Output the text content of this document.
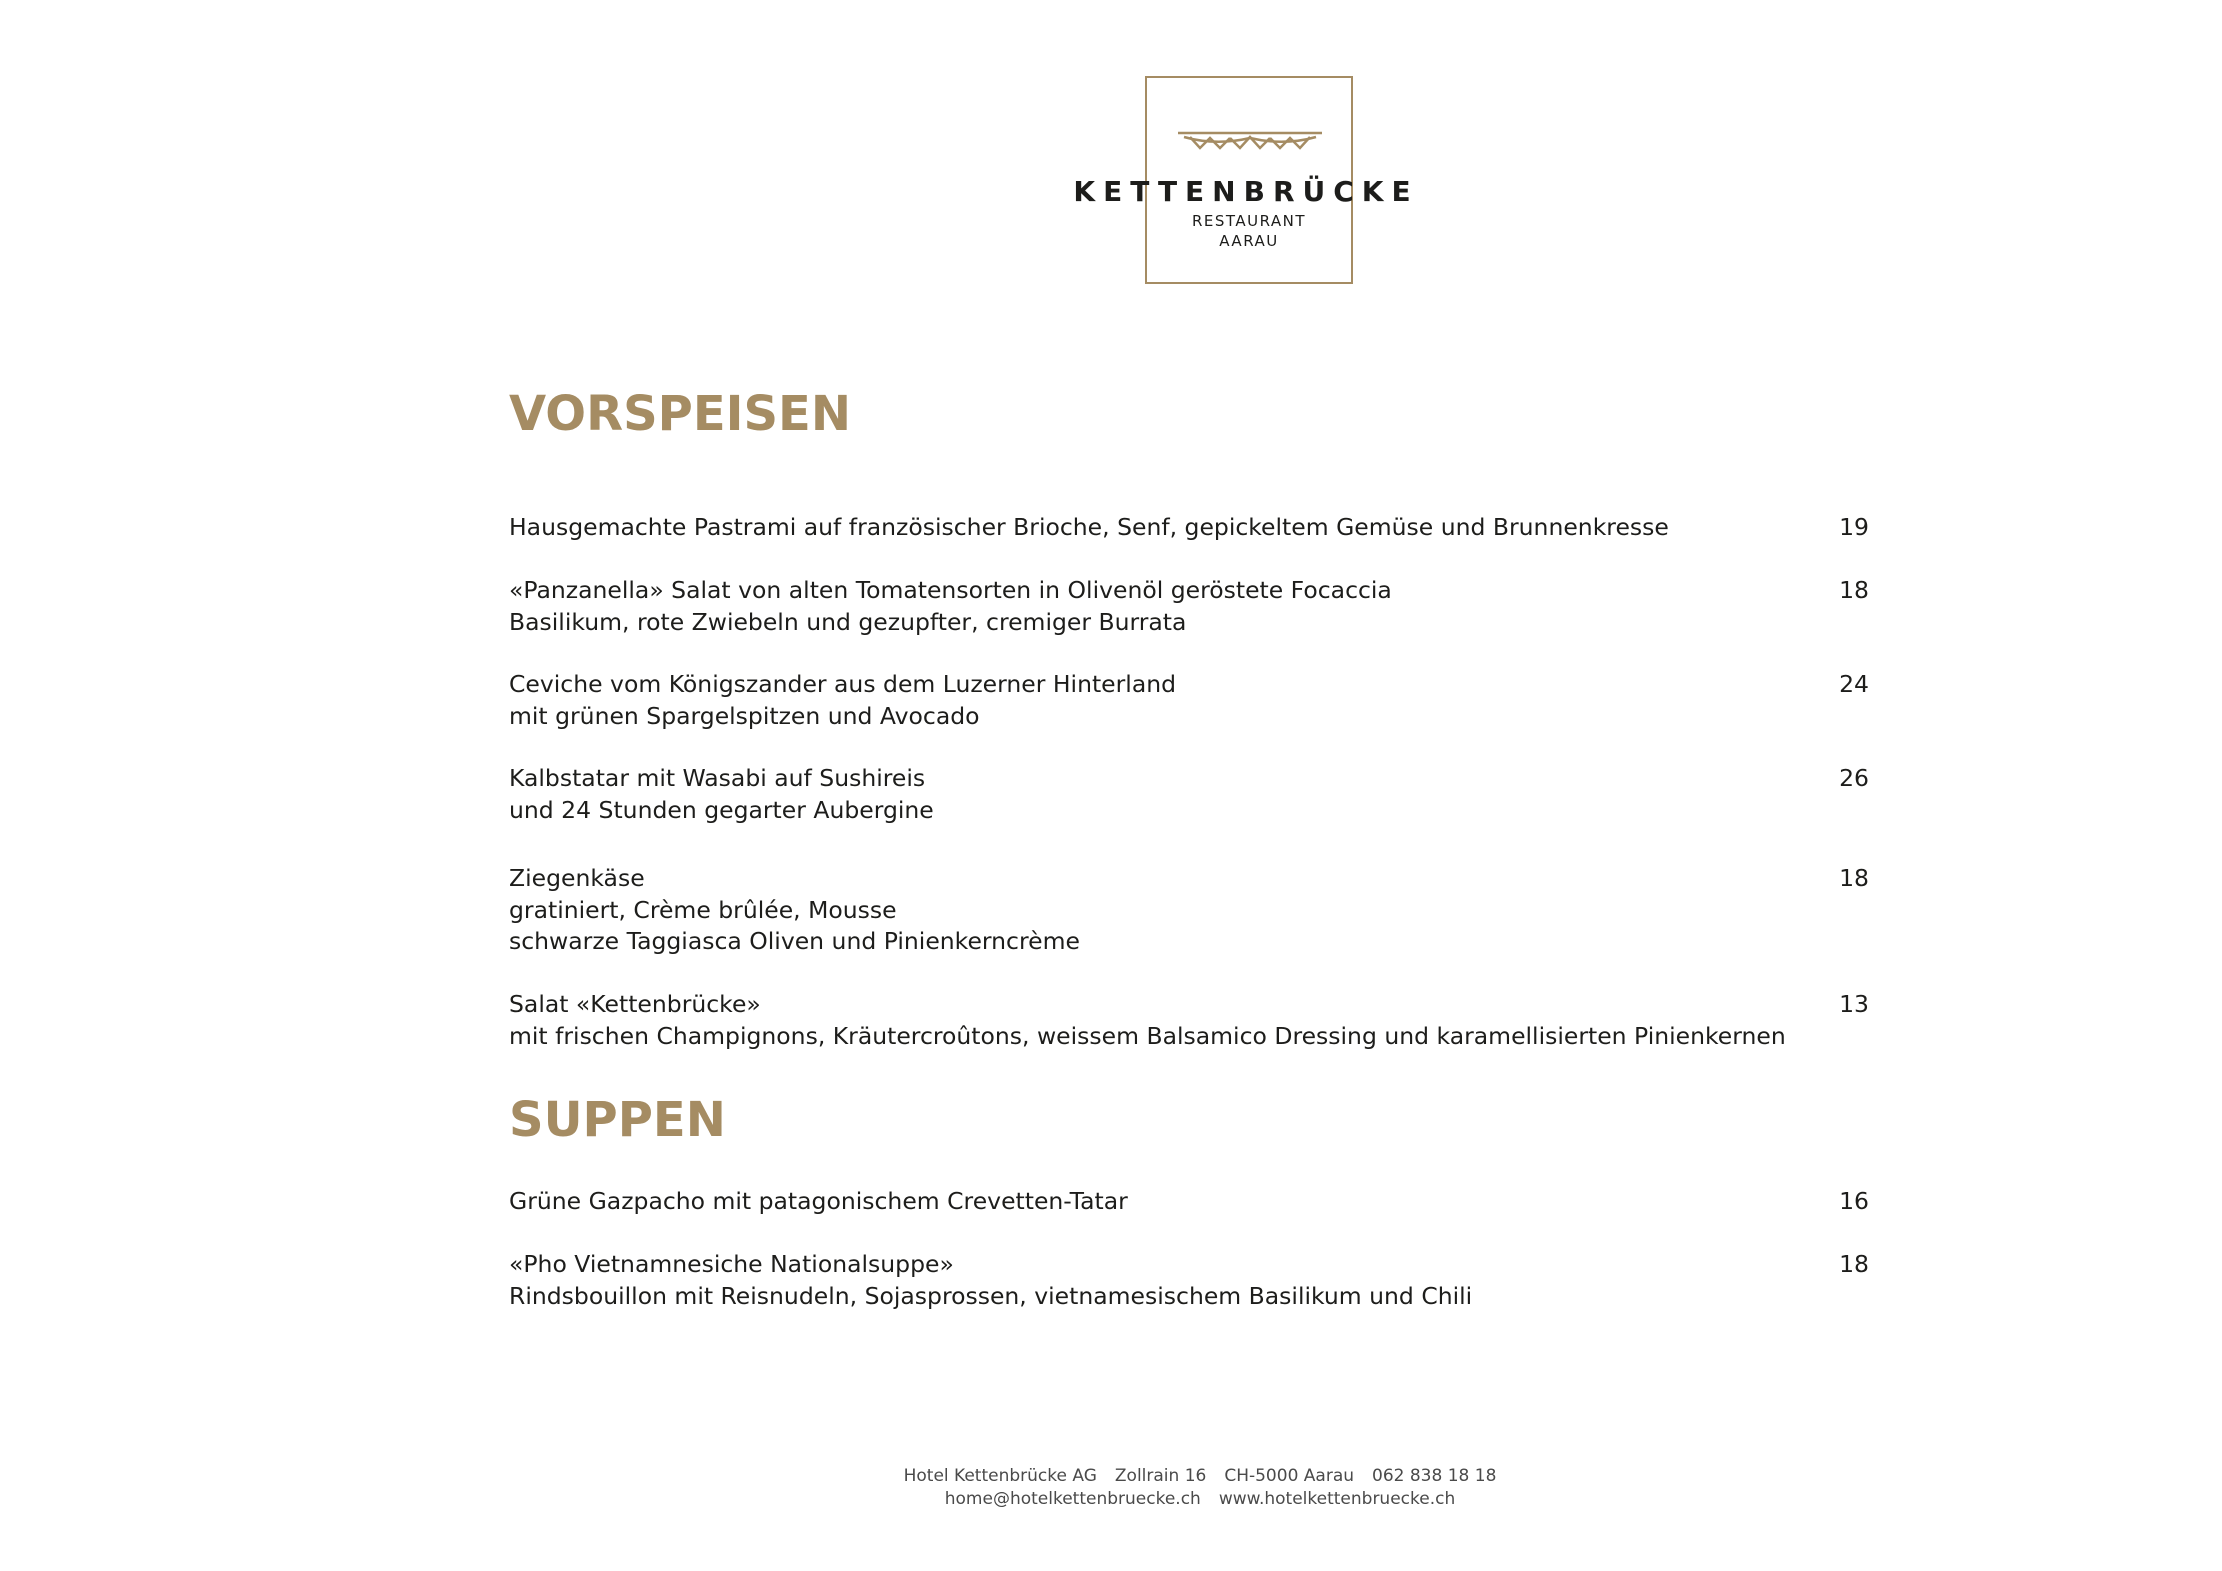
KETTENBRÜCKE
RESTAURANT
AARAU
VORSPEISEN
Hausgemachte Pastrami auf französischer Brioche, Senf, gepickeltem Gemüse und Brunnenkresse	19
«Panzanella» Salat von alten Tomatensorten in Olivenöl geröstete Focaccia
Basilikum, rote Zwiebeln und gezupfter, cremiger Burrata
18
Ceviche vom Königszander aus dem Luzerner Hinterland
mit grünen Spargelspitzen und Avocado
24
Kalbstatar mit Wasabi auf Sushireis
und 24 Stunden gegarter Aubergine
26
Ziegenkäse
gratiniert, Crème brûlée, Mousse
schwarze Taggiasca Oliven und Pinienkerncrème
18
Salat «Kettenbrücke»
mit frischen Champignons, Kräutercroûtons, weissem Balsamico Dressing und karamellisierten Pinienkernen
13
SUPPEN
Grüne Gazpacho mit patagonischem Crevetten-Tatar	16
«Pho Vietnamnesiche Nationalsuppe»
Rindsbouillon mit Reisnudeln, Sojasprossen, vietnamesischem Basilikum und Chili
18
Hotel Kettenbrücke AG Zollrain 16 CH-5000 Aarau 062 838 18 18
home@hotelkettenbruecke.ch www.hotelkettenbruecke.ch
